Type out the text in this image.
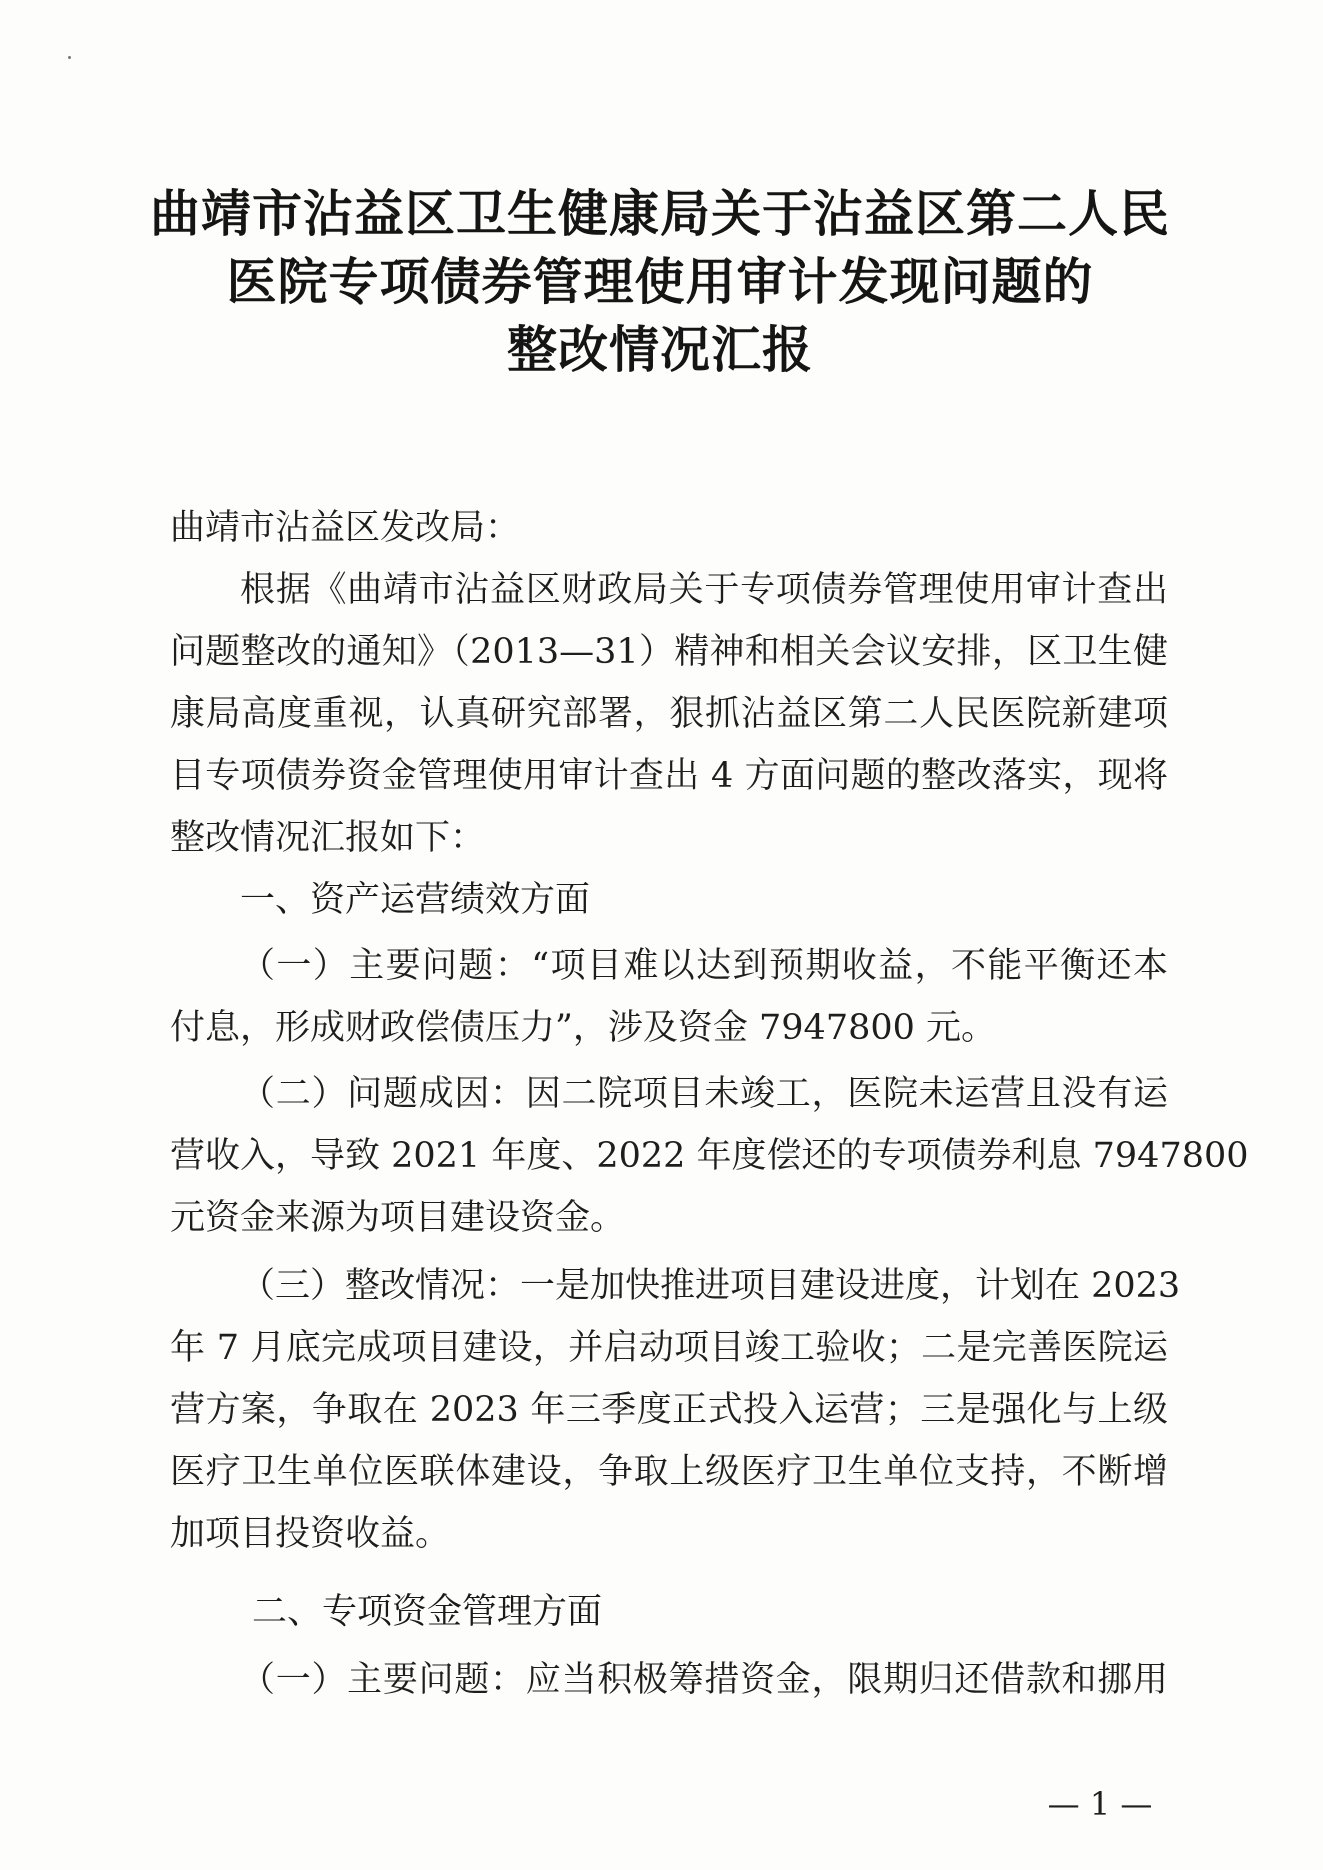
曲靖市沾益区卫生健康局关于沾益区第二人民
医院专项债券管理使用审计发现问题的
整改情况汇报
曲靖市沾益区发改局：
根据《曲靖市沾益区财政局关于专项债券管理使用审计查出
问题整改的通知》（2013—31）精神和相关会议安排，区卫生健
康局高度重视，认真研究部署，狠抓沾益区第二人民医院新建项
目专项债券资金管理使用审计查出 4 方面问题的整改落实，现将
整改情况汇报如下：
一、资产运营绩效方面
（一）主要问题：“项目难以达到预期收益，不能平衡还本
付息，形成财政偿债压力”，涉及资金 7947800 元。
（二）问题成因：因二院项目未竣工，医院未运营且没有运
营收入，导致 2021 年度、2022 年度偿还的专项债券利息 7947800
元资金来源为项目建设资金。
（三）整改情况：一是加快推进项目建设进度，计划在 2023
年 7 月底完成项目建设，并启动项目竣工验收；二是完善医院运
营方案，争取在 2023 年三季度正式投入运营；三是强化与上级
医疗卫生单位医联体建设，争取上级医疗卫生单位支持，不断增
加项目投资收益。
二、专项资金管理方面
（一）主要问题：应当积极筹措资金，限期归还借款和挪用
— 1 —
